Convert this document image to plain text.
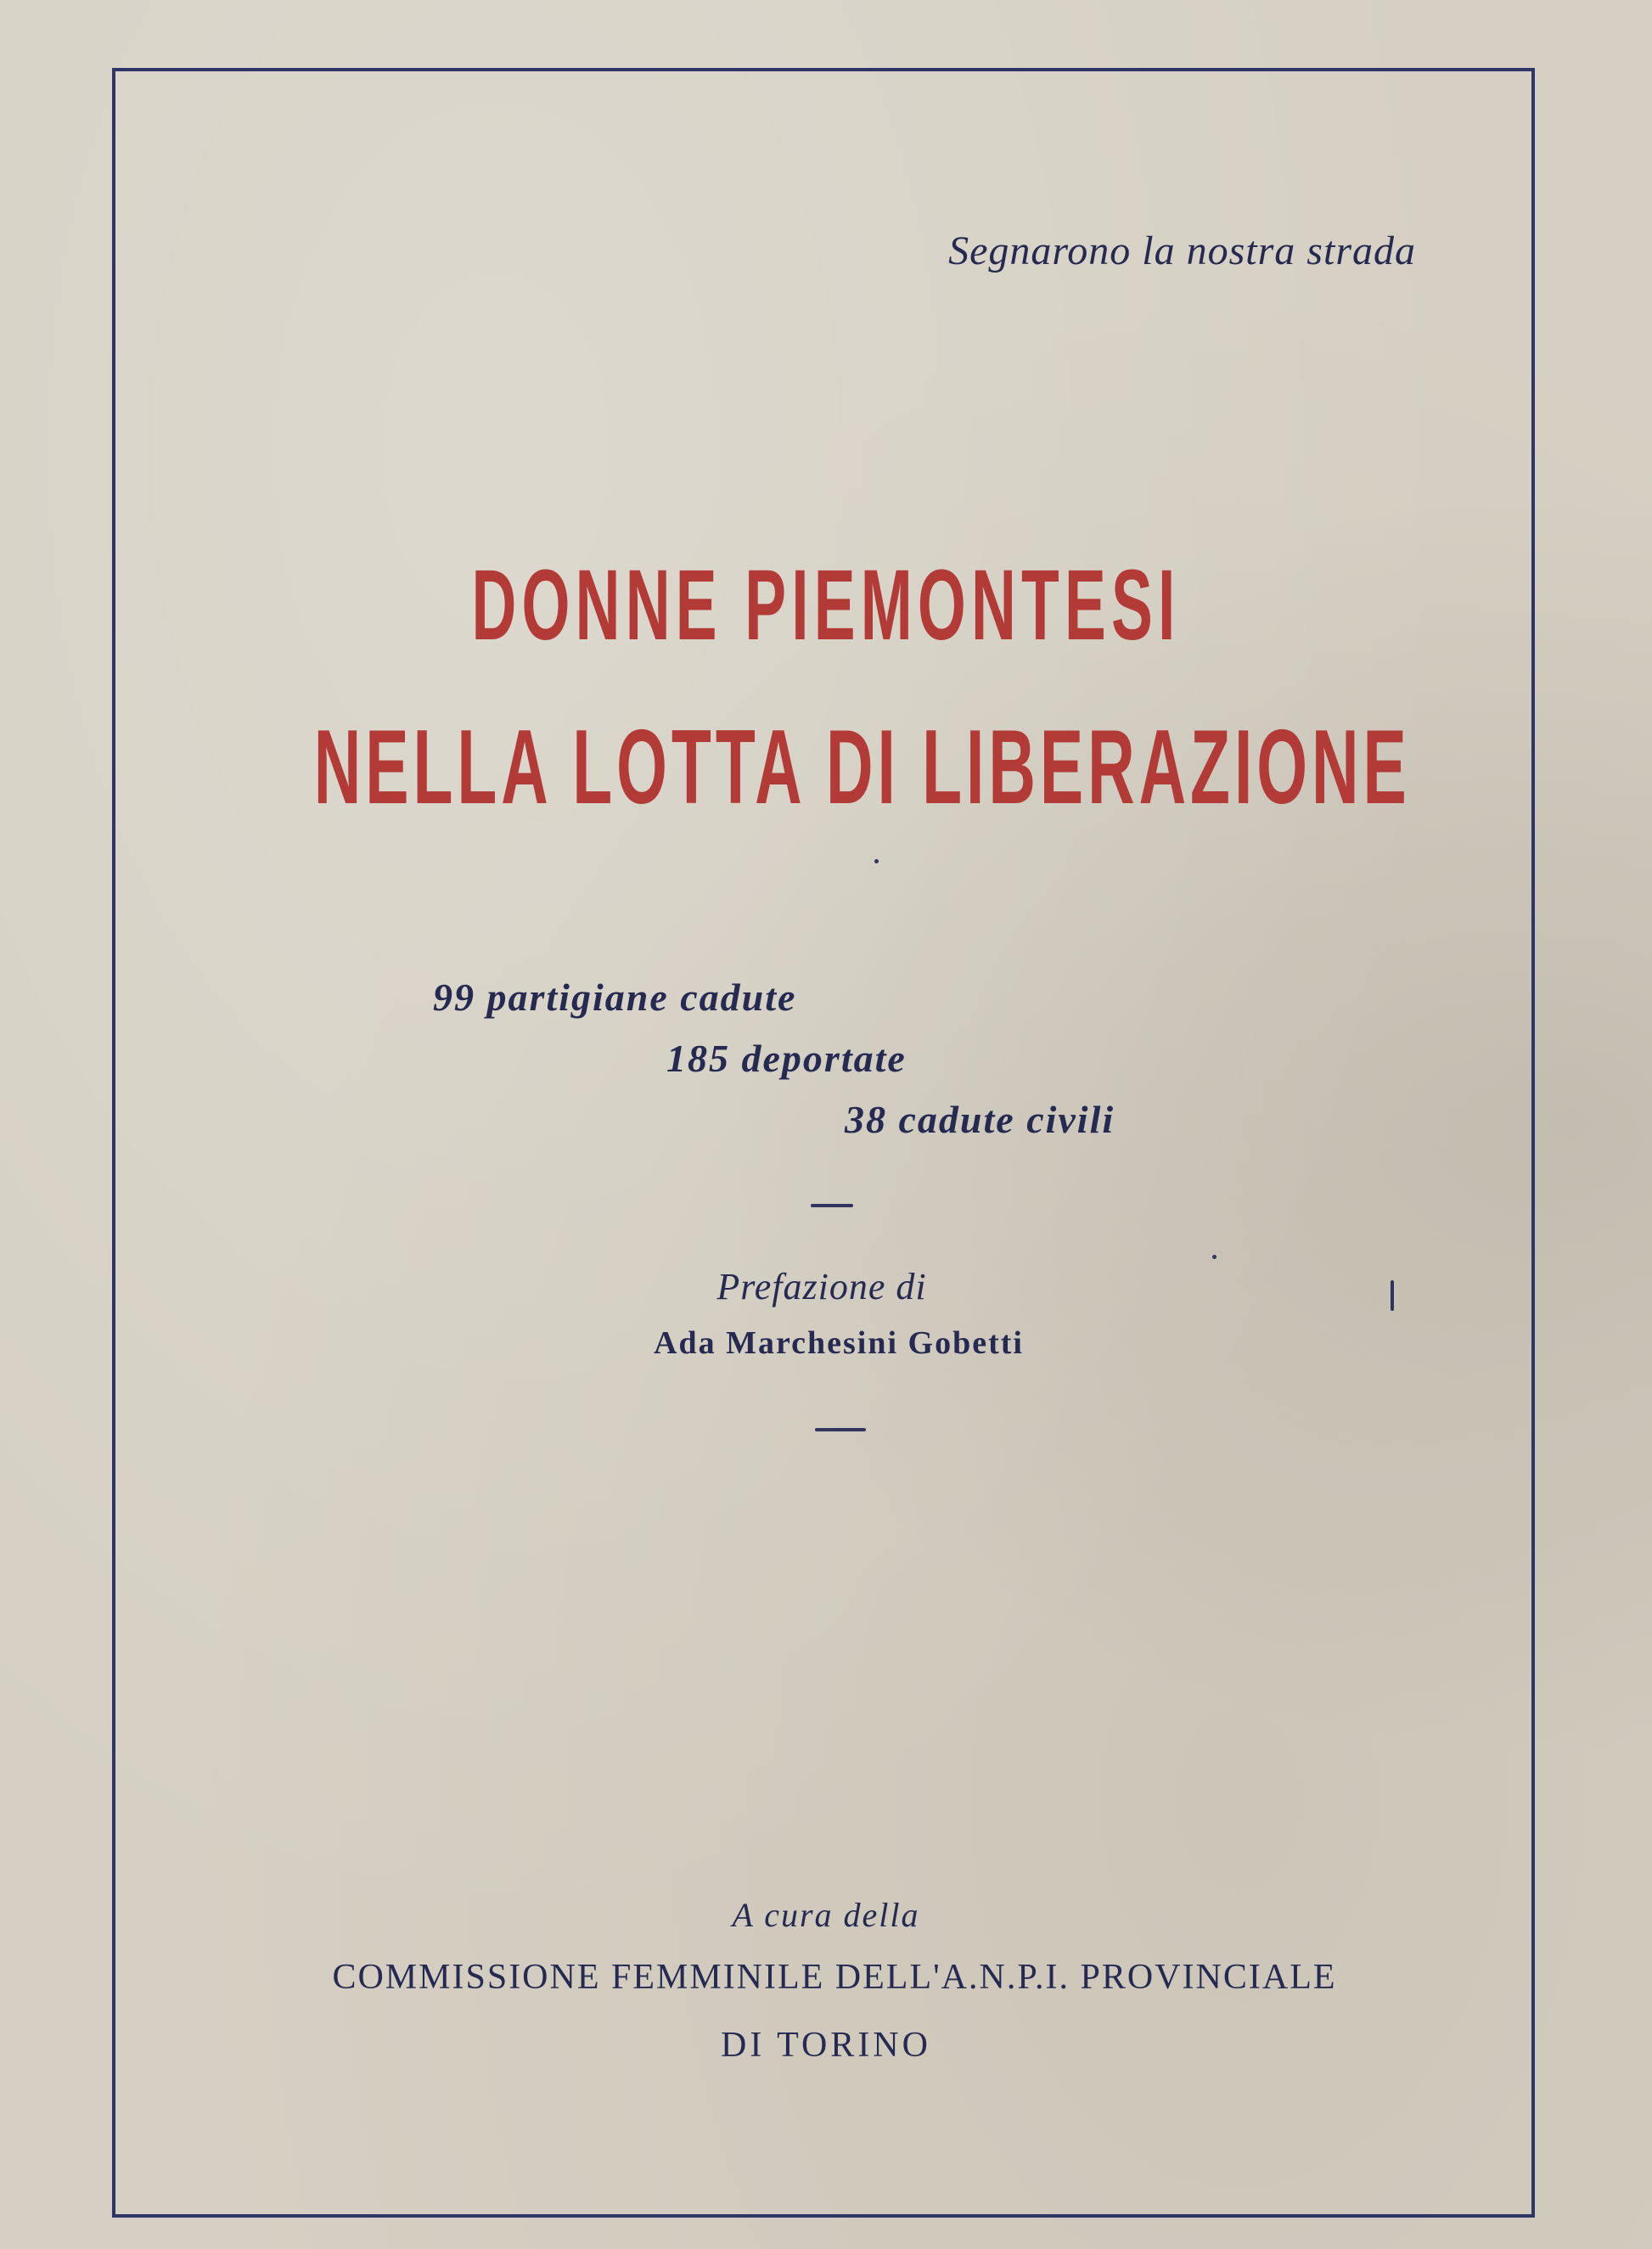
Segnarono la nostra strada
DONNE PIEMONTESI
NELLA LOTTA DI LIBERAZIONE
99 partigiane cadute
185 deportate
38 cadute civili
Prefazione di
Ada Marchesini Gobetti
A cura della
COMMISSIONE FEMMINILE DELL'A.N.P.I. PROVINCIALE
DI TORINO
